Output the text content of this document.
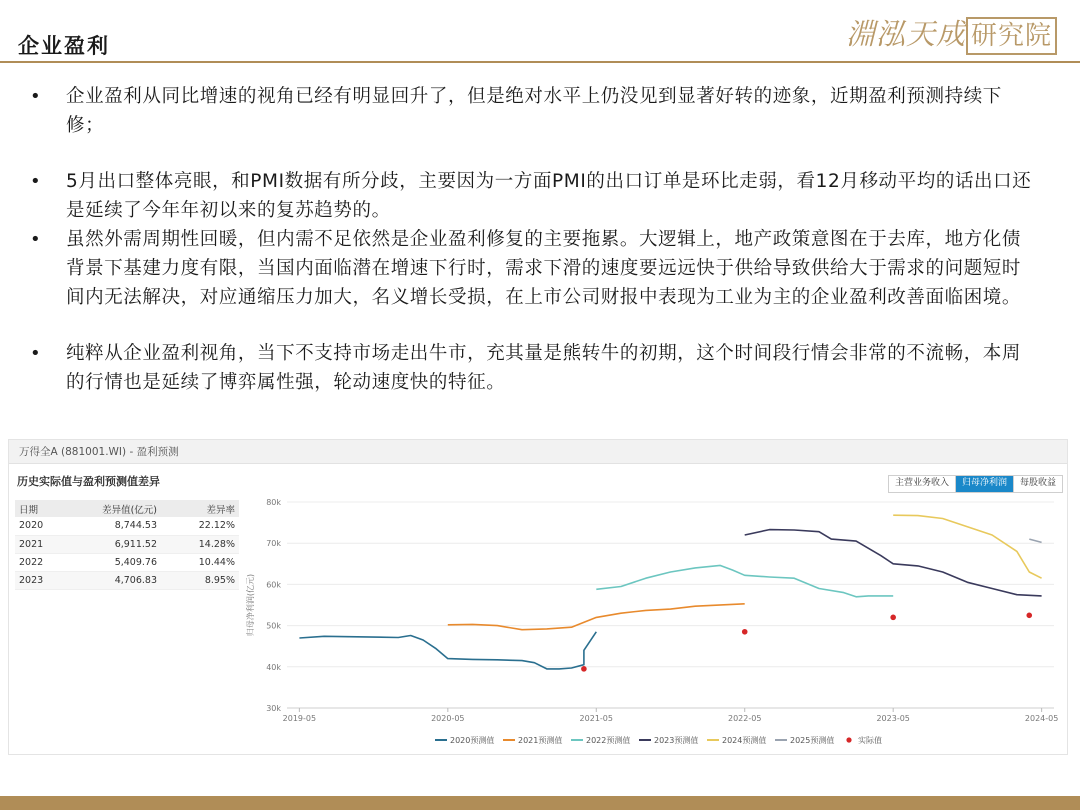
企业盈利	淵泓天成 研究院
• 企业盈利从同比增速的视角已经有明显回升了，但是绝对水平上仍没见到显著好转的迹象，近期盈利预测持续下修；
• 5月出口整体亮眼，和PMI数据有所分歧，主要因为一方面PMI的出口订单是环比走弱，看12月移动平均的话出口还是延续了今年年初以来的复苏趋势的。
• 虽然外需周期性回暖，但内需不足依然是企业盈利修复的主要拖累。大逻辑上，地产政策意图在于去库，地方化债背景下基建力度有限，当国内面临潜在增速下行时，需求下滑的速度要远远快于供给导致供给大于需求的问题短时间内无法解决，对应通缩压力加大，名义增长受损，在上市公司财报中表现为工业为主的企业盈利改善面临困境。
• 纯粹从企业盈利视角，当下不支持市场走出牛市，充其量是熊转牛的初期，这个时间段行情会非常的不流畅，本周的行情也是延续了博弈属性强，轮动速度快的特征。
万得全A (881001.WI) - 盈利预测
历史实际值与盈利预测值差异
日期	差异值(亿元)	差异率
2020	8,744.53	22.12%
2021	6,911.52	14.28%
2022	5,409.76	10.44%
2023	4,706.83	8.95%
主营业务收入	归母净利润	每股收益
30k
40k
50k
60k
70k
80k
2019-05	2020-05	2021-05	2022-05	2023-05	2024-05
归母净利润(亿元)
2020预测值	2021预测值	2022预测值	2023预测值	2024预测值	2025预测值	实际值
